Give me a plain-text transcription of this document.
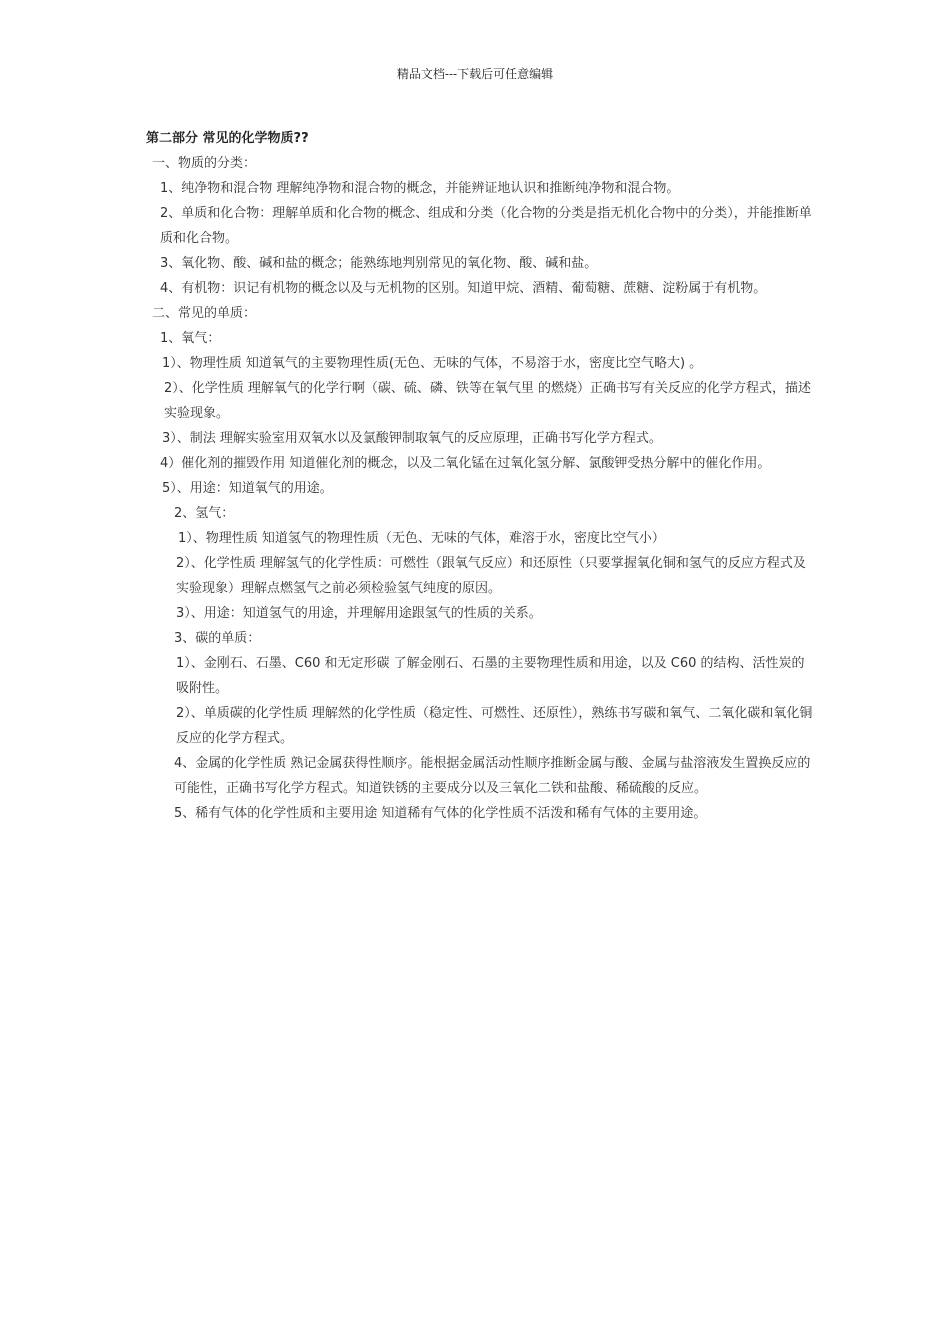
精品文档---下载后可任意编辑
第二部分 常见的化学物质??

一、物质的分类：

1、纯净物和混合物 理解纯净物和混合物的概念，并能辨证地认识和推断纯净物和混合物。

2、单质和化合物：理解单质和化合物的概念、组成和分类（化合物的分类是指无机化合物中的分类），并能推断单质和化合物。

3、氧化物、酸、碱和盐的概念；能熟练地判别常见的氧化物、酸、碱和盐。

4、有机物：识记有机物的概念以及与无机物的区别。知道甲烷、酒精、葡萄糖、蔗糖、淀粉属于有机物。

二、常见的单质：

1、氧气：

1）、物理性质 知道氧气的主要物理性质(无色、无味的气体，不易溶于水，密度比空气略大) 。

2）、化学性质 理解氧气的化学行啊（碳、硫、磷、铁等在氧气里 的燃烧）正确书写有关反应的化学方程式，描述实验现象。

3）、制法 理解实验室用双氧水以及氯酸钾制取氧气的反应原理，正确书写化学方程式。

4）催化剂的摧毁作用 知道催化剂的概念，以及二氧化锰在过氧化氢分解、氯酸钾受热分解中的催化作用。

5）、用途：知道氧气的用途。

2、氢气：

1）、物理性质 知道氢气的物理性质（无色、无味的气体，难溶于水，密度比空气小）

2）、化学性质 理解氢气的化学性质：可燃性（跟氧气反应）和还原性（只要掌握氧化铜和氢气的反应方程式及实验现象）理解点燃氢气之前必须检验氢气纯度的原因。

3）、用途：知道氢气的用途，并理解用途跟氢气的性质的关系。

3、碳的单质：

1）、金刚石、石墨、C60 和无定形碳 了解金刚石、石墨的主要物理性质和用途，以及 C60 的结构、活性炭的吸附性。

2）、单质碳的化学性质 理解然的化学性质（稳定性、可燃性、还原性），熟练书写碳和氧气、二氧化碳和氧化铜反应的化学方程式。

4、金属的化学性质 熟记金属获得性顺序。能根据金属活动性顺序推断金属与酸、金属与盐溶液发生置换反应的可能性，正确书写化学方程式。知道铁锈的主要成分以及三氧化二铁和盐酸、稀硫酸的反应。

5、稀有气体的化学性质和主要用途 知道稀有气体的化学性质不活泼和稀有气体的主要用途。
